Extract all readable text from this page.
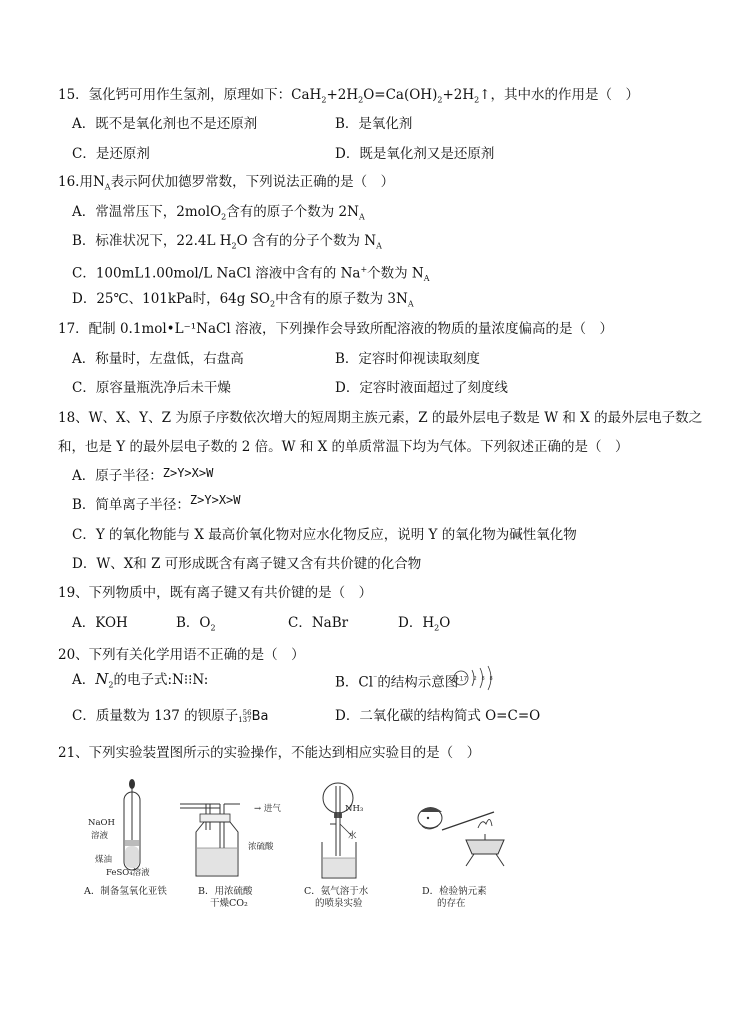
15．氢化钙可用作生氢剂，原理如下：$CaH_2+2H_2O=Ca(OH)_2+2H_2↑$，其中水的作用是（　）
A．既不是氧化剂也不是还原剂	B．是氧化剂
C．是还原剂	D．既是氧化剂又是还原剂
16.用$N_A$表示阿伏加德罗常数，下列说法正确的是（　）
A．常温常压下，2molO$_2$含有的原子个数为 $2N_A$
B．标准状况下，22.4L $H_2O$ 含有的分子个数为 $N_A$
C．100mL1.00mol/L NaCl 溶液中含有的 Na+个数为 $N_A$
D．25℃、101kPa时，64g $SO_2$中含有的原子数为 $3N_A$
17．配制 0.1mol•L⁻¹NaCl 溶液，下列操作会导致所配溶液的物质的量浓度偏高的是（　）
A．称量时，左盘低，右盘高	B．定容时仰视读取刻度
C．原容量瓶洗净后未干燥	D．定容时液面超过了刻度线
18、W、X、Y、Z 为原子序数依次增大的短周期主族元素，Z 的最外层电子数是 W 和 X 的最外层电子数之
和，也是 Y 的最外层电子数的 2 倍。W 和 X 的单质常温下均为气体。下列叙述正确的是（　）
A．原子半径：Z>Y>X>W
B．简单离子半径：Z>Y>X>W
C．Y 的氧化物能与 X 最高价氧化物对应水化物反应，说明 Y 的氧化物为碱性氧化物
D．W、X和 Z 可形成既含有离子键又含有共价键的化合物
19、下列物质中，既有离子键又有共价键的是（　）
A．KOH	B．$O_2$	C．NaBr	D．$H_2O$
20、下列有关化学用语不正确的是（　）
A．$N_2$的电子式:N⁝⁝N:	B．Cl⁻的结构示意图
+17 2 8 8
C．质量数为 137 的钡原子 56
137 Ba	D．二氧化碳的结构简式 O=C=O
21、下列实验装置图所示的实验操作，不能达到相应实验目的是（　）
NaOH
溶液
煤油
FeSO₄溶液
A．制备氢氧化亚铁
→ 进气
浓硫酸
B．用浓硫酸
干燥CO₂
NH₃
水
C．氨气溶于水
的喷泉实验
D．检验钠元素
的存在
